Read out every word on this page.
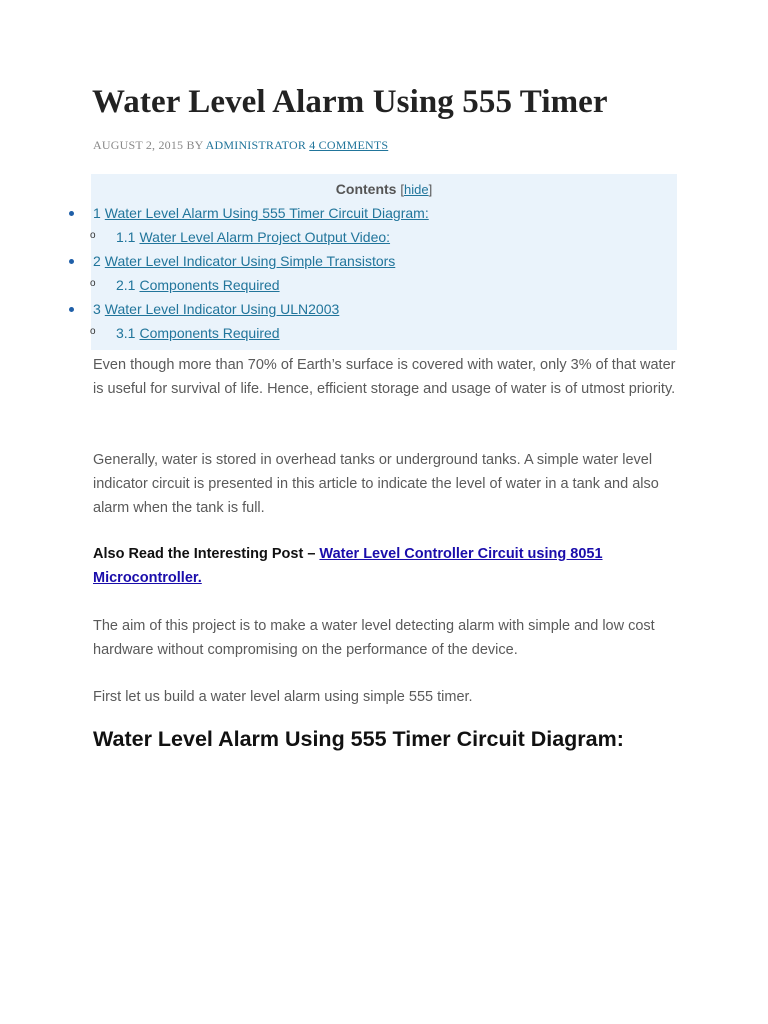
Water Level Alarm Using 555 Timer
AUGUST 2, 2015 BY ADMINISTRATOR 4 COMMENTS
Contents [hide]
o
o
o
1 Water Level Alarm Using 555 Timer Circuit Diagram:
1.1 Water Level Alarm Project Output Video:
2 Water Level Indicator Using Simple Transistors
2.1 Components Required
3 Water Level Indicator Using ULN2003
3.1 Components Required

Even though more than 70% of Earth’s surface is covered with water, only 3% of that water is useful for survival of life. Hence, efficient storage and usage of water is of utmost priority.

Generally, water is stored in overhead tanks or underground tanks. A simple water level indicator circuit is presented in this article to indicate the level of water in a tank and also alarm when the tank is full.

Also Read the Interesting Post – Water Level Controller Circuit using 8051 Microcontroller.

The aim of this project is to make a water level detecting alarm with simple and low cost hardware without compromising on the performance of the device.

First let us build a water level alarm using simple 555 timer.

Water Level Alarm Using 555 Timer Circuit Diagram:
